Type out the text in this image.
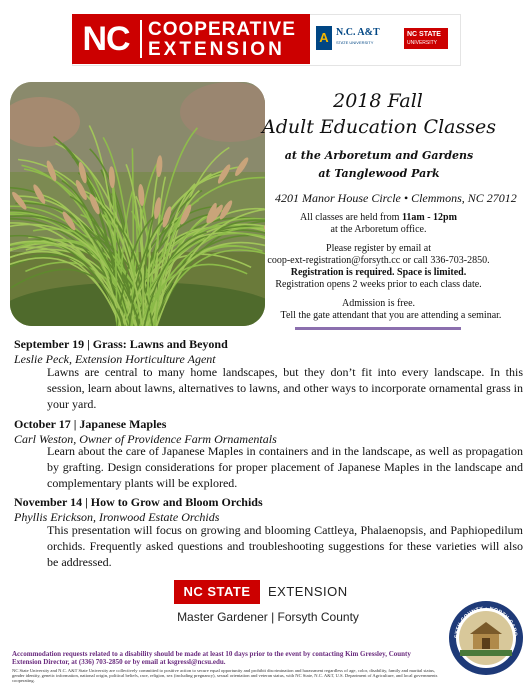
NC COOPERATIVE
EXTENSION
A N.C. A&T
STATE UNIVERSITY
NC STATE
UNIVERSITY
2018 Fall
Adult Education Classes
at the Arboretum and Gardens
at Tanglewood Park
4201 Manor House Circle • Clemmons, NC 27012
All classes are held from 11am - 12pm
at the Arboretum office.
Please register by email at
coop-ext-registration@forsyth.cc or call 336-703-2850.
Registration is required. Space is limited.
Registration opens 2 weeks prior to each class date.
Admission is free.
Tell the gate attendant that you are attending a seminar.
September 19 | Grass: Lawns and Beyond
Leslie Peck, Extension Horticulture Agent
Lawns are central to many home landscapes, but they don’t fit into every landscape. In this session, learn about lawns, alternatives to lawns, and other ways to incorporate ornamental grass in your yard.
October 17 | Japanese Maples
Carl Weston, Owner of Providence Farm Ornamentals
Learn about the care of Japanese Maples in containers and in the landscape, as well as propagation by grafting. Design considerations for proper placement of Japanese Maples in the landscape and complementary plants will be explored.
November 14 | How to Grow and Bloom Orchids
Phyllis Erickson, Ironwood Estate Orchids
This presentation will focus on growing and blooming Cattleya, Phalaenopsis, and Paphiopedilum orchids. Frequently asked questions and troubleshooting suggestions for these varieties will also be addressed.
NC STATE	EXTENSION
Master Gardener | Forsyth County
SYTH COUNTY • NORTH CARO
Accommodation requests related to a disability should be made at least 10 days prior to the event by contacting Kim Gressley, County Extension Director, at (336) 703-2850 or by email at ksgressl@ncsu.edu.
NC State University and N.C. A&T State University are collectively committed to positive action to secure equal opportunity and prohibit discrimination and harassment regardless of age, color, disability, family and marital status, gender identity, genetic information, national origin, political beliefs, race, religion, sex (including pregnancy), sexual orientation and veteran status, with NC State, N.C. A&T, U.S. Department of Agriculture, and local governments cooperating.
